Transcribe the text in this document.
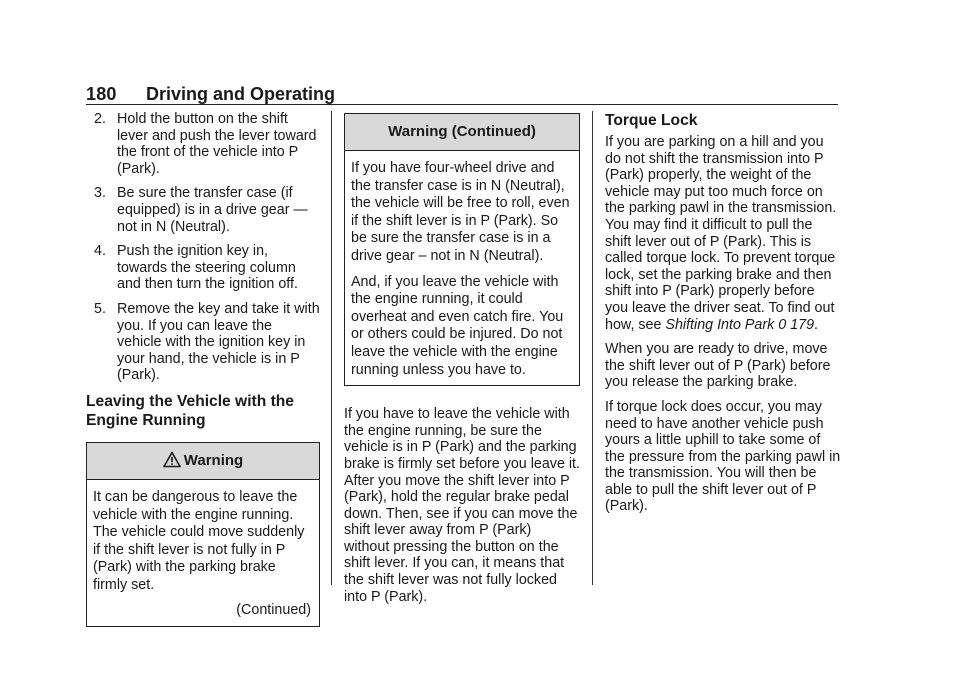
180 Driving and Operating
2. Hold the button on the shift lever and push the lever toward the front of the vehicle into P (Park).
3. Be sure the transfer case (if equipped) is in a drive gear — not in N (Neutral).
4. Push the ignition key in, towards the steering column and then turn the ignition off.
5. Remove the key and take it with you. If you can leave the vehicle with the ignition key in your hand, the vehicle is in P (Park).
Leaving the Vehicle with the Engine Running
Warning

It can be dangerous to leave the vehicle with the engine running. The vehicle could move suddenly if the shift lever is not fully in P (Park) with the parking brake firmly set.

(Continued)
Warning (Continued)

If you have four-wheel drive and the transfer case is in N (Neutral), the vehicle will be free to roll, even if the shift lever is in P (Park). So be sure the transfer case is in a drive gear – not in N (Neutral).

And, if you leave the vehicle with the engine running, it could overheat and even catch fire. You or others could be injured. Do not leave the vehicle with the engine running unless you have to.

If you have to leave the vehicle with the engine running, be sure the vehicle is in P (Park) and the parking brake is firmly set before you leave it. After you move the shift lever into P (Park), hold the regular brake pedal down. Then, see if you can move the shift lever away from P (Park) without pressing the button on the shift lever. If you can, it means that the shift lever was not fully locked into P (Park).

Torque Lock

If you are parking on a hill and you do not shift the transmission into P (Park) properly, the weight of the vehicle may put too much force on the parking pawl in the transmission. You may find it difficult to pull the shift lever out of P (Park). This is called torque lock. To prevent torque lock, set the parking brake and then shift into P (Park) properly before you leave the driver seat. To find out how, see Shifting Into Park 0 179.

When you are ready to drive, move the shift lever out of P (Park) before you release the parking brake.

If torque lock does occur, you may need to have another vehicle push yours a little uphill to take some of the pressure from the parking pawl in the transmission. You will then be able to pull the shift lever out of P (Park).
